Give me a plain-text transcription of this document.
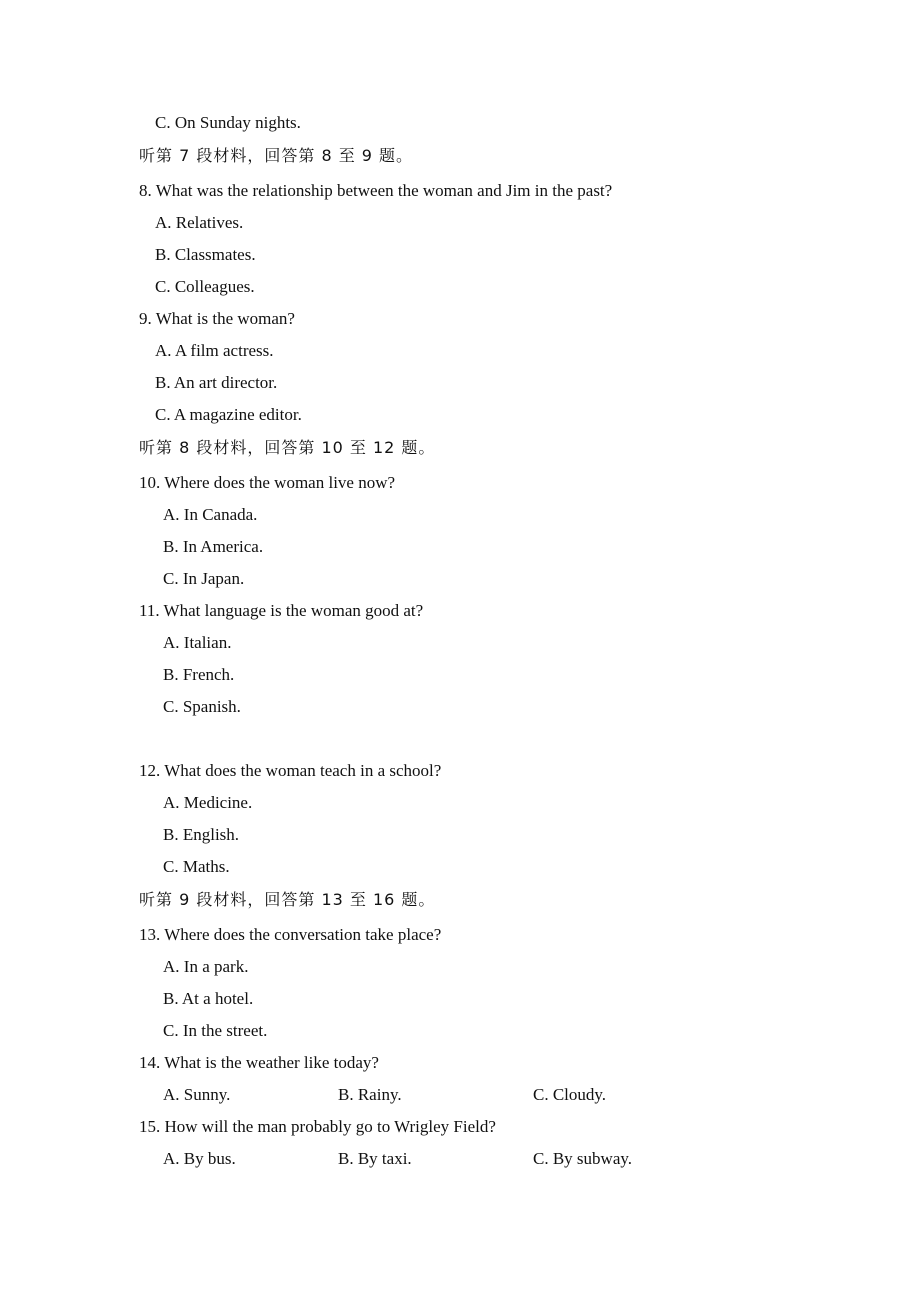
C. On Sunday nights.
听第 7 段材料，回答第 8 至 9 题。
8. What was the relationship between the woman and Jim in the past?
A. Relatives.
B. Classmates.
C. Colleagues.
9. What is the woman?
A. A film actress.
B. An art director.
C. A magazine editor.
听第 8 段材料，回答第 10 至 12 题。
10. Where does the woman live now?
A. In Canada.
B. In America.
C. In Japan.
11. What language is the woman good at?
A. Italian.
B. French.
C. Spanish.
12. What does the woman teach in a school?
A. Medicine.
B. English.
C. Maths.
听第 9 段材料，回答第 13 至 16 题。
13. Where does the conversation take place?
A. In a park.
B. At a hotel.
C. In the street.
14. What is the weather like today?
A. Sunny.	B. Rainy.	C. Cloudy.
15. How will the man probably go to Wrigley Field?
A. By bus.	B. By taxi.	C. By subway.
